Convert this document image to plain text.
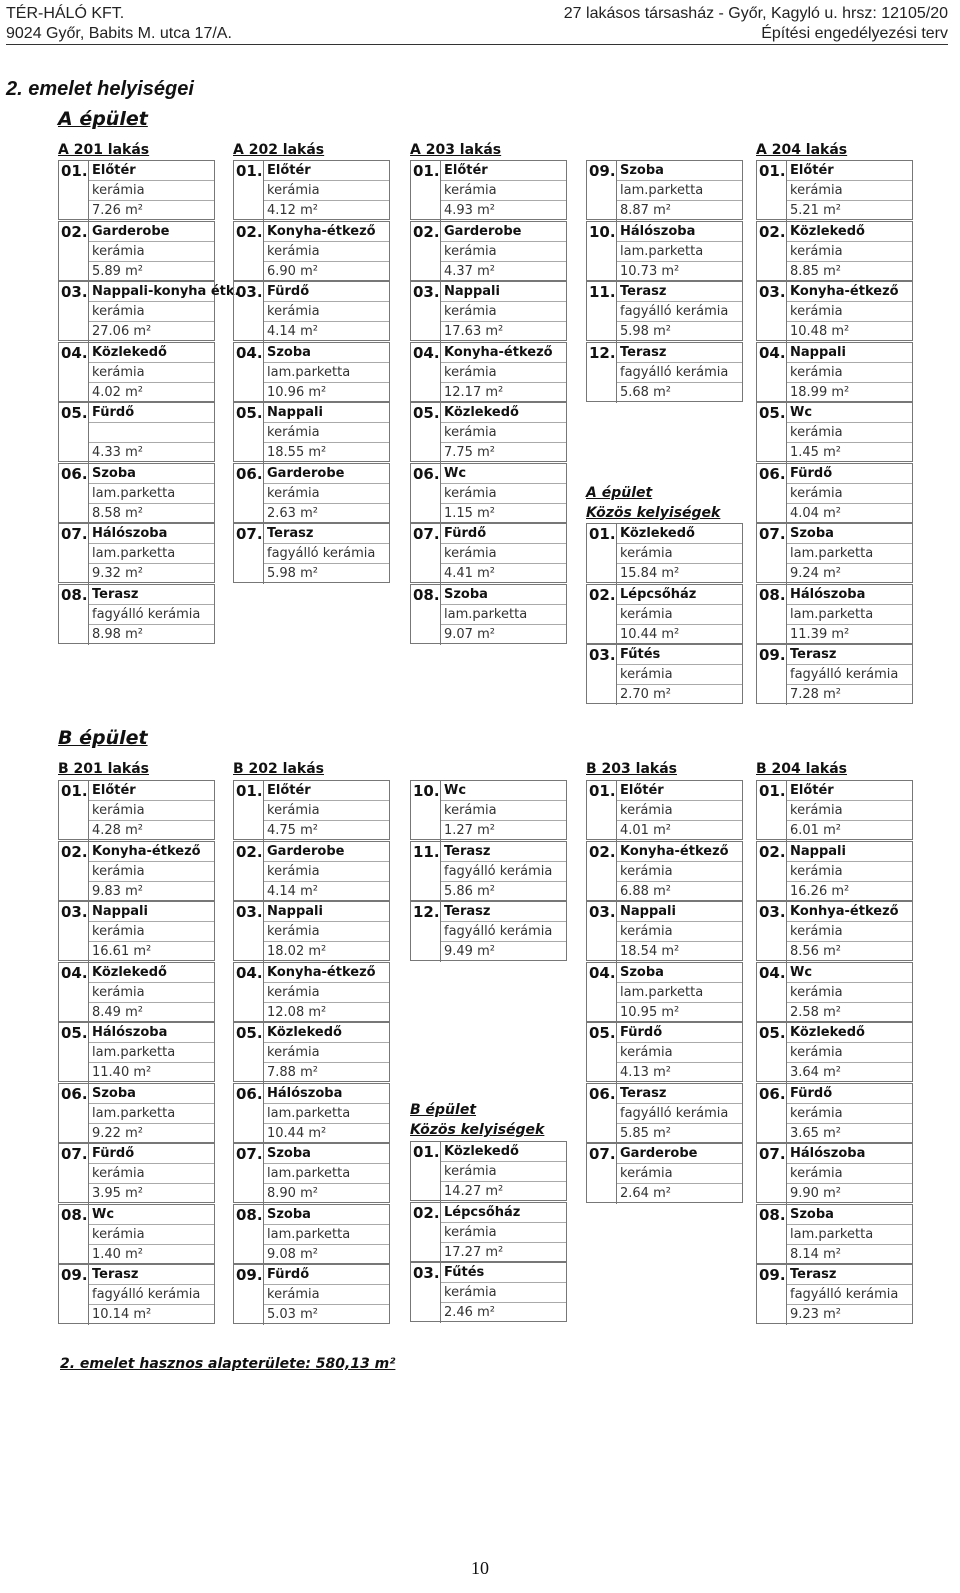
TÉR-HÁLÓ KFT.
9024 Győr, Babits M. utca 17/A.
27 lakásos társasház - Győr, Kagyló u. hrsz: 12105/20
Építési engedélyezési terv
2. emelet helyiségei
A épület
A 201 lakás
01. Előtér
kerámia
7.26 m²
02. Garderobe
kerámia
5.89 m²
03. Nappali-konyha étk.
kerámia
27.06 m²
04. Közlekedő
kerámia
4.02 m²
05. Fürdő
4.33 m²
06. Szoba
lam.parketta
8.58 m²
07. Hálószoba
lam.parketta
9.32 m²
08. Terasz
fagyálló kerámia
8.98 m²
A 202 lakás
01. Előtér
kerámia
4.12 m²
02. Konyha-étkező
kerámia
6.90 m²
03. Fürdő
kerámia
4.14 m²
04. Szoba
lam.parketta
10.96 m²
05. Nappali
kerámia
18.55 m²
06. Garderobe
kerámia
2.63 m²
07. Terasz
fagyálló kerámia
5.98 m²
A 203 lakás
01. Előtér
kerámia
4.93 m²
02. Garderobe
kerámia
4.37 m²
03. Nappali
kerámia
17.63 m²
04. Konyha-étkező
kerámia
12.17 m²
05. Közlekedő
kerámia
7.75 m²
06. Wc
kerámia
1.15 m²
07. Fürdő
kerámia
4.41 m²
08. Szoba
lam.parketta
9.07 m²
09. Szoba
lam.parketta
8.87 m²
10. Hálószoba
lam.parketta
10.73 m²
11. Terasz
fagyálló kerámia
5.98 m²
12. Terasz
fagyálló kerámia
5.68 m²
A 204 lakás
01. Előtér
kerámia
5.21 m²
02. Közlekedő
kerámia
8.85 m²
03. Konyha-étkező
kerámia
10.48 m²
04. Nappali
kerámia
18.99 m²
05. Wc
kerámia
1.45 m²
06. Fürdő
kerámia
4.04 m²
07. Szoba
lam.parketta
9.24 m²
08. Hálószoba
lam.parketta
11.39 m²
09. Terasz
fagyálló kerámia
7.28 m²
A épület
Közös kelyiségek
01. Közlekedő
kerámia
15.84 m²
02. Lépcsőház
kerámia
10.44 m²
03. Fűtés
kerámia
2.70 m²
B épület
B 201 lakás
01. Előtér
kerámia
4.28 m²
02. Konyha-étkező
kerámia
9.83 m²
03. Nappali
kerámia
16.61 m²
04. Közlekedő
kerámia
8.49 m²
05. Hálószoba
lam.parketta
11.40 m²
06. Szoba
lam.parketta
9.22 m²
07. Fürdő
kerámia
3.95 m²
08. Wc
kerámia
1.40 m²
09. Terasz
fagyálló kerámia
10.14 m²
B 202 lakás
01. Előtér
kerámia
4.75 m²
02. Garderobe
kerámia
4.14 m²
03. Nappali
kerámia
18.02 m²
04. Konyha-étkező
kerámia
12.08 m²
05. Közlekedő
kerámia
7.88 m²
06. Hálószoba
lam.parketta
10.44 m²
07. Szoba
lam.parketta
8.90 m²
08. Szoba
lam.parketta
9.08 m²
09. Fürdő
kerámia
5.03 m²
10. Wc
kerámia
1.27 m²
11. Terasz
fagyálló kerámia
5.86 m²
12. Terasz
fagyálló kerámia
9.49 m²
B 203 lakás
01. Előtér
kerámia
4.01 m²
02. Konyha-étkező
kerámia
6.88 m²
03. Nappali
kerámia
18.54 m²
04. Szoba
lam.parketta
10.95 m²
05. Fürdő
kerámia
4.13 m²
06. Terasz
fagyálló kerámia
5.85 m²
07. Garderobe
kerámia
2.64 m²
B 204 lakás
01. Előtér
kerámia
6.01 m²
02. Nappali
kerámia
16.26 m²
03. Konhya-étkező
kerámia
8.56 m²
04. Wc
kerámia
2.58 m²
05. Közlekedő
kerámia
3.64 m²
06. Fürdő
kerámia
3.65 m²
07. Hálószoba
kerámia
9.90 m²
08. Szoba
lam.parketta
8.14 m²
09. Terasz
fagyálló kerámia
9.23 m²
B épület
Közös kelyiségek
01. Közlekedő
kerámia
14.27 m²
02. Lépcsőház
kerámia
17.27 m²
03. Fűtés
kerámia
2.46 m²
2. emelet hasznos alapterülete: 580,13 m²
10
